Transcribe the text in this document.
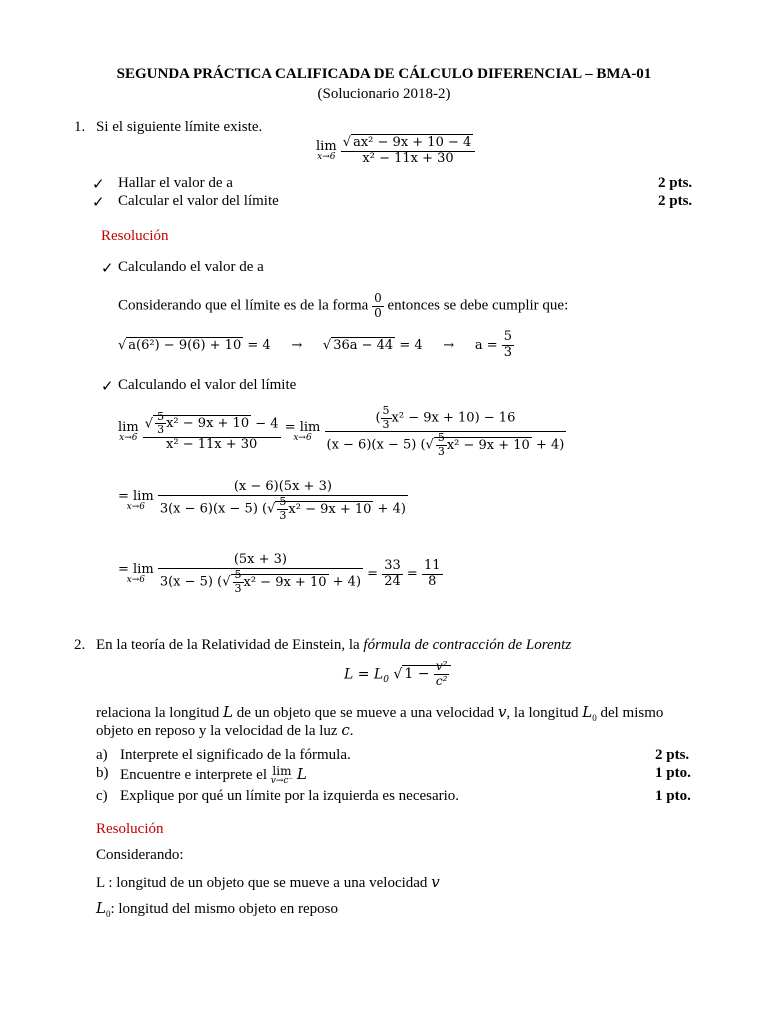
SEGUNDA PRÁCTICA CALIFICADA DE CÁLCULO DIFERENCIAL – BMA-01
(Solucionario 2018-2)
1. Si el siguiente límite existe.
lim
x→6
$\frac{\text{√ ax² − 9x + 10 − 4}}{\text{x² − 11x + 30}}$
✓ Hallar el valor de a	2 pts.
✓ Calcular el valor del límite	2 pts.
Resolución
✓ Calculando el valor de a
Considerando que el límite es de la forma $\frac{0}{0}$ entonces se debe cumplir que:
√ a(6²) − 9(6) + 10 = 4 →     √ $36a - 44 = 4 \to a = \frac{5}{3}$
✓ Calculando el valor del límite
lim
x→6
$\frac{√ \frac{5}{3} x^2 - 9x + 10 - 4}{\text{x² − 11x + 30}} = \lim$
x→6
$\frac{( \frac{5}{3} x^2 - 9x + 10) - 16}{(x - 6)(x - 5) (√ \frac{5}{3} x^2 - 9x + 10 + 4)}$
= lim
x→6
$\frac{(x - 6)(5x + 3)}{3(x - 6)(x - 5) (√ \frac{5}{3} x^2 - 9x + 10 + 4)}$
= lim
x→6
$\frac{(5x + 3)}{3(x - 5) (√ \frac{5}{3} x^2 - 9x + 10 + 4)} = \frac{33}{24} = \frac{11}{8}$
2. En la teoría de la Relatividad de Einstein, la fórmula de contracción de Lorentz
$L = L_0$ √ $1 - \frac{\text{v²}}{\text{c²}}$
relaciona la longitud L de un objeto que se mueve a una velocidad v, la longitud $L_0$ del mismo
objeto en reposo y la velocidad de la luz c.
a) Interprete el significado de la fórmula.	2 pts.
b) Encuentre e interprete el lim
v→c⁻ L	1 pto.
c) Explique por qué un límite por la izquierda es necesario.	1 pto.
Resolución
Considerando:
L : longitud de un objeto que se mueve a una velocidad v
$L_0$: longitud del mismo objeto en reposo
